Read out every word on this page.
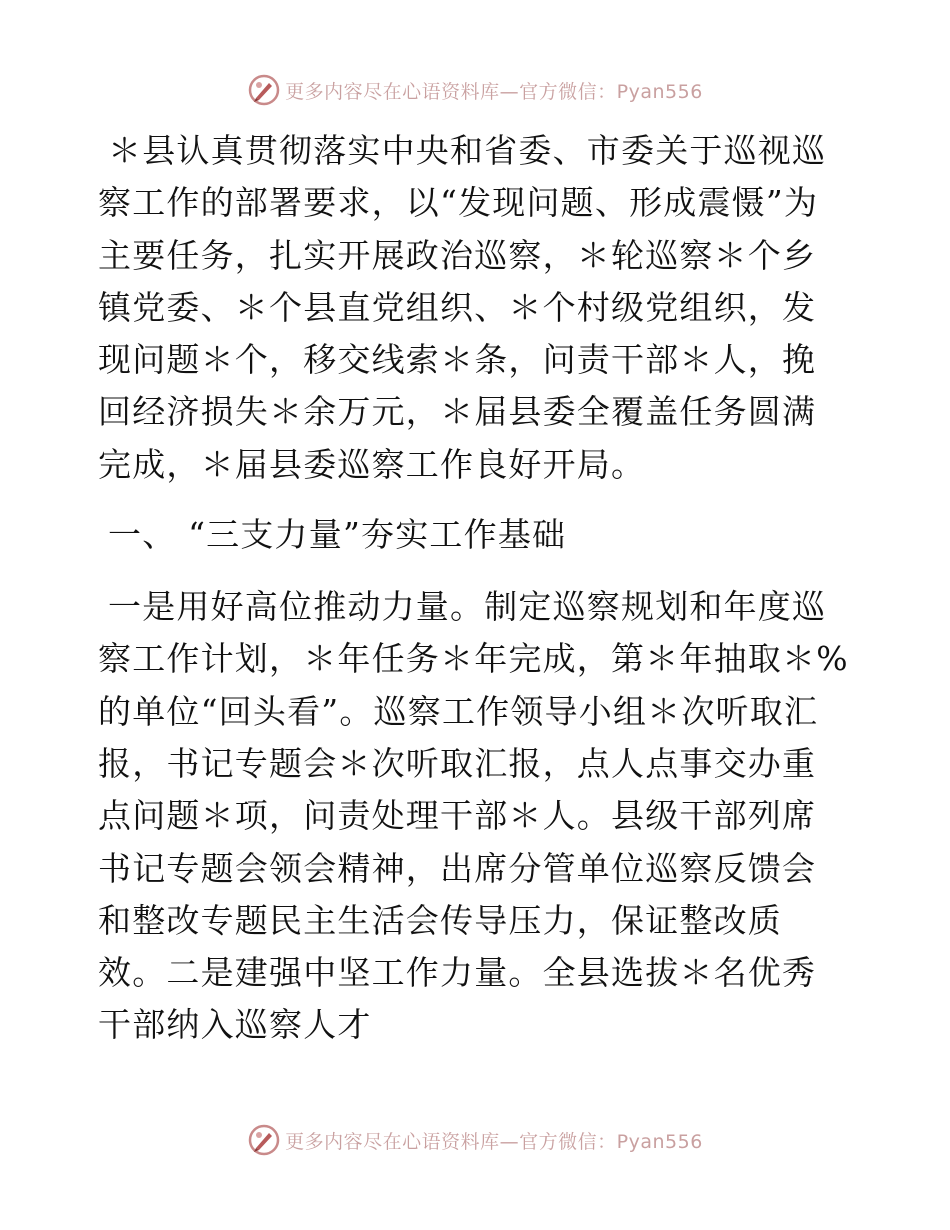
更多内容尽在心语资料库—官方微信：Pyan556

＊县认真贯彻落实中央和省委、市委关于巡视巡察工作的部署要求，以“发现问题、形成震慑”为主要任务，扎实开展政治巡察，＊轮巡察＊个乡镇党委、＊个县直党组织、＊个村级党组织，发现问题＊个，移交线索＊条，问责干部＊人，挽回经济损失＊余万元，＊届县委全覆盖任务圆满完成，＊届县委巡察工作良好开局。

一、 “三支力量”夯实工作基础

一是用好高位推动力量。制定巡察规划和年度巡察工作计划，＊年任务＊年完成，第＊年抽取＊%的单位“回头看”。巡察工作领导小组＊次听取汇报，书记专题会＊次听取汇报，点人点事交办重点问题＊项，问责处理干部＊人。县级干部列席书记专题会领会精神，出席分管单位巡察反馈会和整改专题民主生活会传导压力，保证整改质效。二是建强中坚工作力量。全县选拔＊名优秀干部纳入巡察人才

更多内容尽在心语资料库—官方微信：Pyan556
